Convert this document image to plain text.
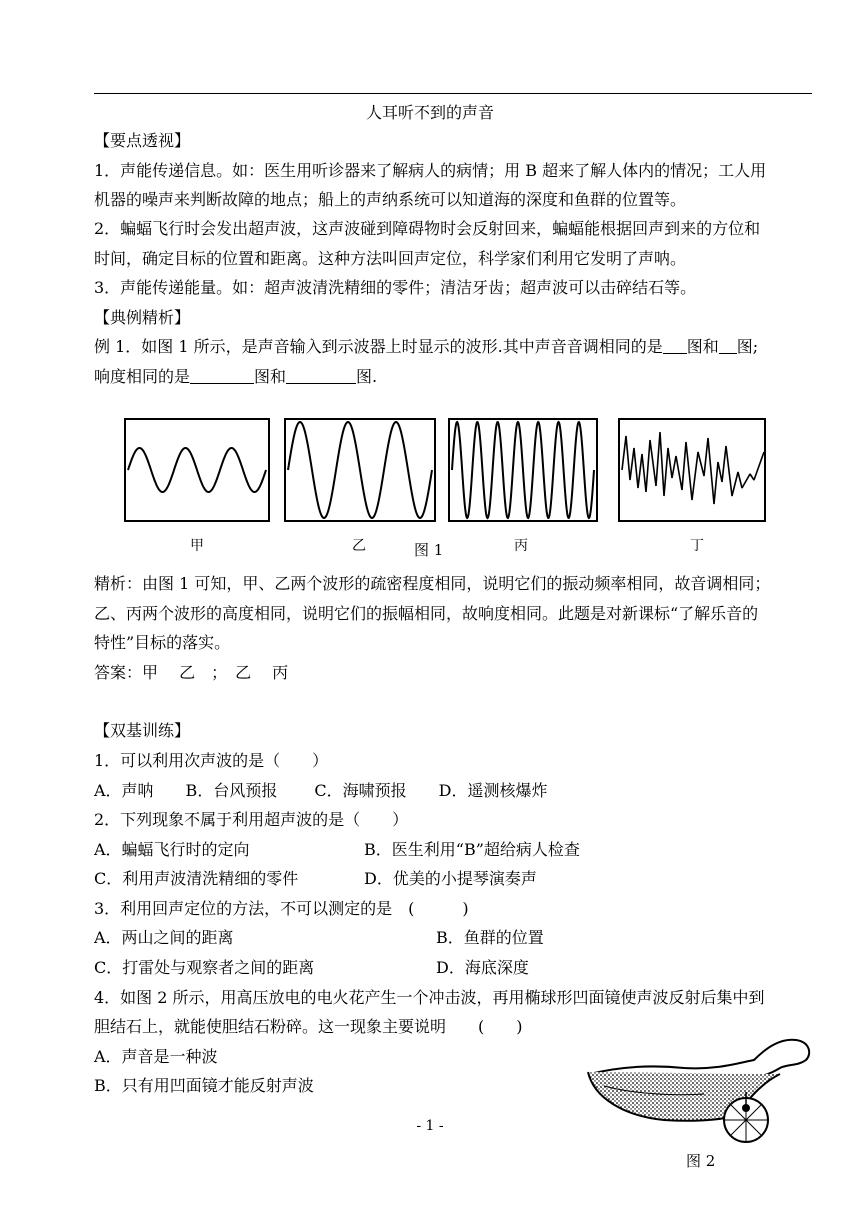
人耳听不到的声音
【要点透视】
1．声能传递信息。如：医生用听诊器来了解病人的病情；用 B 超来了解人体内的情况；工人用
机器的噪声来判断故障的地点；船上的声纳系统可以知道海的深度和鱼群的位置等。
2．蝙蝠飞行时会发出超声波，这声波碰到障碍物时会反射回来，蝙蝠能根据回声到来的方位和
时间，确定目标的位置和距离。这种方法叫回声定位，科学家们利用它发明了声呐。
3．声能传递能量。如：超声波清洗精细的零件；清洁牙齿；超声波可以击碎结石等。
【典例精析】
例 1．如图 1 所示，是声音输入到示波器上时显示的波形.其中声音音调相同的是 图和 图;
响度相同的是	图和	图.
甲	乙	图 1	丙	丁
精析：由图 1 可知，甲、乙两个波形的疏密程度相同，说明它们的振动频率相同，故音调相同；
乙、丙两个波形的高度相同，说明它们的振幅相同，故响度相同。此题是对新课标“了解乐音的
特性”目标的落实。
答案：甲　 乙　；　乙　 丙
【双基训练】
1．可以利用次声波的是（　　）
A．声呐　　B．台风预报　　 C．海啸预报　　D．遥测核爆炸
2．下列现象不属于利用超声波的是（　　）
A．蝙蝠飞行时的定向	B．医生利用“B”超给病人检查
C．利用声波清洗精细的零件	D．优美的小提琴演奏声
3．利用回声定位的方法，不可以测定的是　(　　　)
A．两山之间的距离	B．鱼群的位置
C．打雷处与观察者之间的距离	D．海底深度
4．如图 2 所示，用高压放电的电火花产生一个冲击波，再用椭球形凹面镜使声波反射后集中到
胆结石上，就能使胆结石粉碎。这一现象主要说明　　(　　)
A．声音是一种波
B．只有用凹面镜才能反射声波
图 2
- 1 -
